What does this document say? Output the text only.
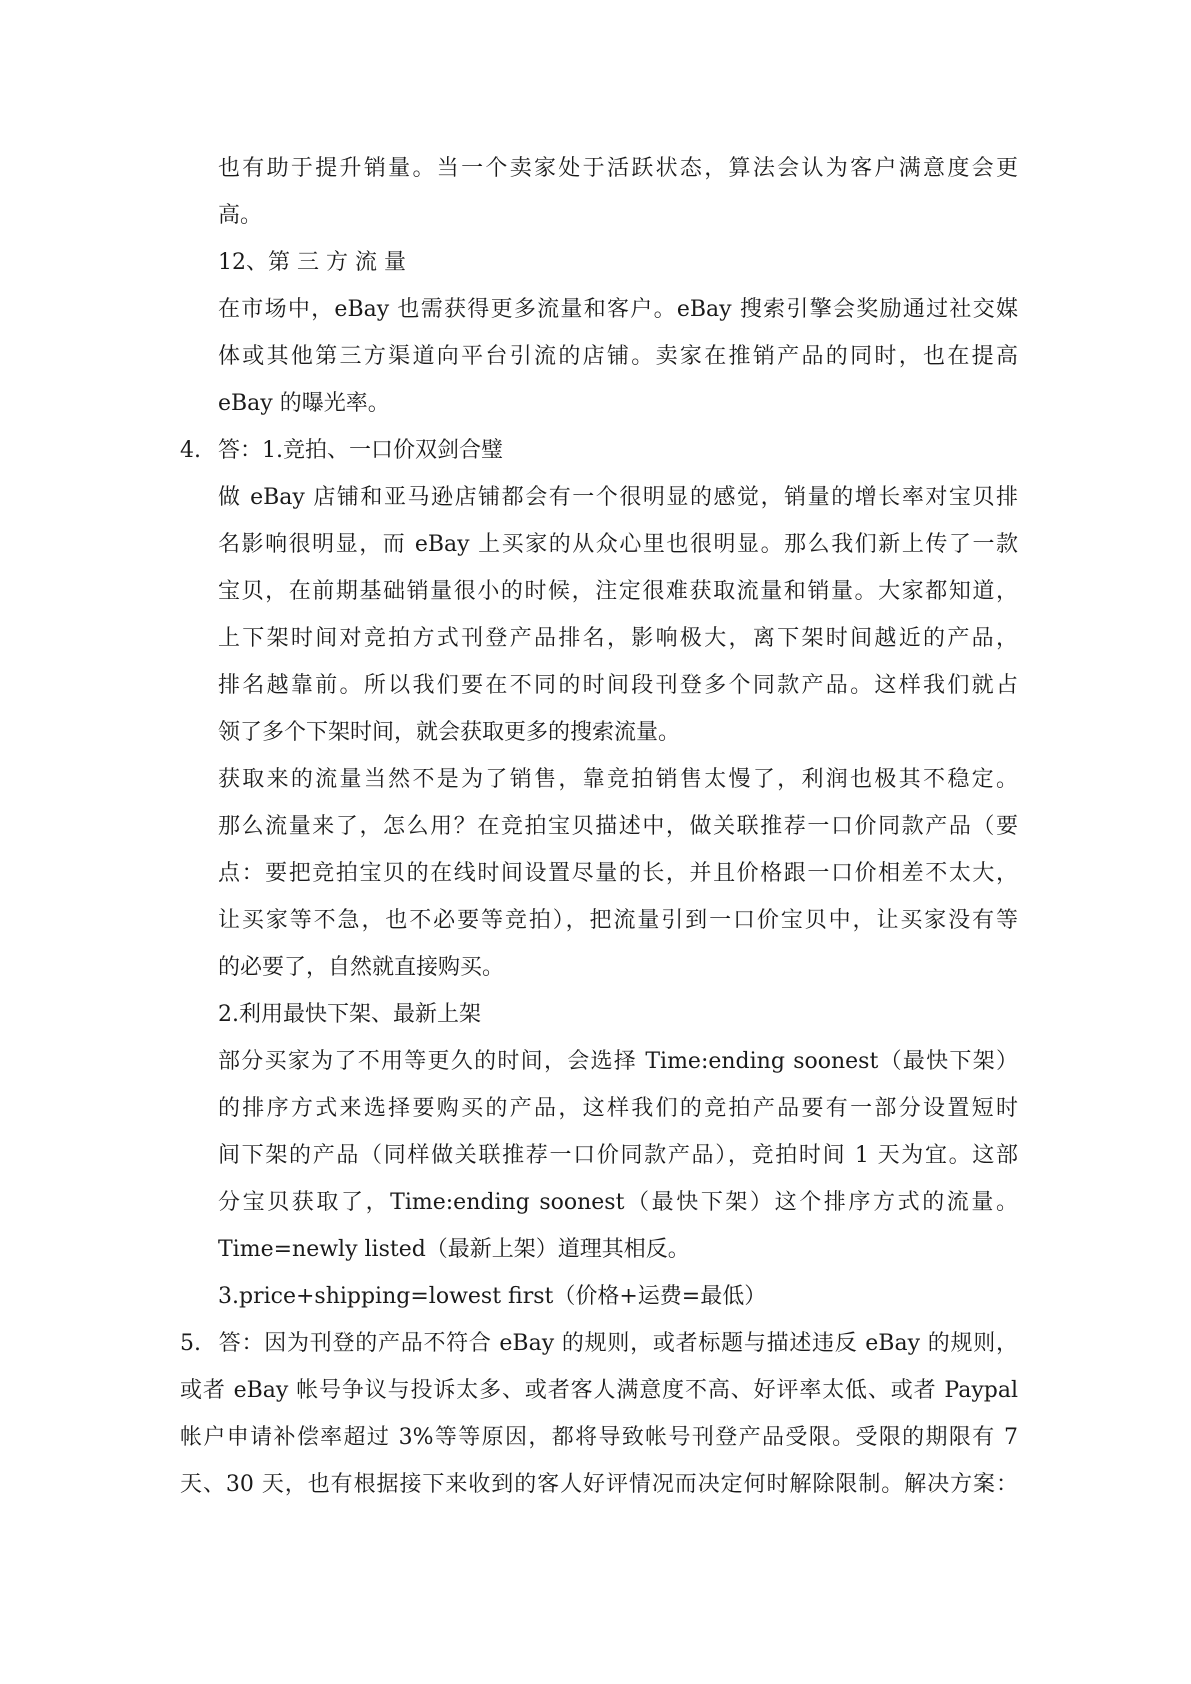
也有助于提升销量。当一个卖家处于活跃状态，算法会认为客户满意度会更
高。
12、第 三 方 流 量
在市场中，eBay 也需获得更多流量和客户。eBay 搜索引擎会奖励通过社交媒
体或其他第三方渠道向平台引流的店铺。卖家在推销产品的同时，也在提高
eBay 的曝光率。
4. 答：1.竞拍、一口价双剑合璧
做 eBay 店铺和亚马逊店铺都会有一个很明显的感觉，销量的增长率对宝贝排
名影响很明显，而 eBay 上买家的从众心里也很明显。那么我们新上传了一款
宝贝，在前期基础销量很小的时候，注定很难获取流量和销量。大家都知道，
上下架时间对竞拍方式刊登产品排名，影响极大，离下架时间越近的产品，
排名越靠前。所以我们要在不同的时间段刊登多个同款产品。这样我们就占
领了多个下架时间，就会获取更多的搜索流量。
获取来的流量当然不是为了销售，靠竞拍销售太慢了，利润也极其不稳定。
那么流量来了，怎么用？在竞拍宝贝描述中，做关联推荐一口价同款产品（要
点：要把竞拍宝贝的在线时间设置尽量的长，并且价格跟一口价相差不太大，
让买家等不急，也不必要等竞拍），把流量引到一口价宝贝中，让买家没有等
的必要了，自然就直接购买。
2.利用最快下架、最新上架
部分买家为了不用等更久的时间，会选择 Time:ending soonest（最快下架）
的排序方式来选择要购买的产品，这样我们的竞拍产品要有一部分设置短时
间下架的产品（同样做关联推荐一口价同款产品），竞拍时间 1 天为宜。这部
分宝贝获取了，Time:ending soonest（最快下架）这个排序方式的流量。
Time=newly listed（最新上架）道理其相反。
3.price+shipping=lowest first（价格+运费=最低）
5. 答：因为刊登的产品不符合 eBay 的规则，或者标题与描述违反 eBay 的规则，
或者 eBay 帐号争议与投诉太多、或者客人满意度不高、好评率太低、或者 Paypal
帐户申请补偿率超过 3%等等原因，都将导致帐号刊登产品受限。受限的期限有 7
天、30 天，也有根据接下来收到的客人好评情况而决定何时解除限制。解决方案：
